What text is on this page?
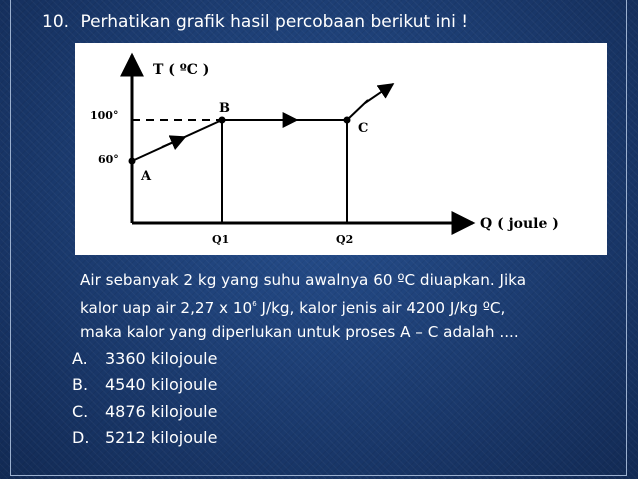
10. Perhatikan grafik hasil percobaan berikut ini !
T ( ºC )
Q ( joule )
100°
60°
Q1	Q2
A
B
C
Air sebanyak 2 kg yang suhu awalnya 60 ºC diuapkan. Jika
kalor uap air 2,27 x $10^6$ J/kg, kalor jenis air 4200 J/kg ºC,
maka kalor yang diperlukan untuk proses A – C adalah ....
A.	3360 kilojoule
B.	4540 kilojoule
C.	4876 kilojoule
D. 5212 kilojoule
